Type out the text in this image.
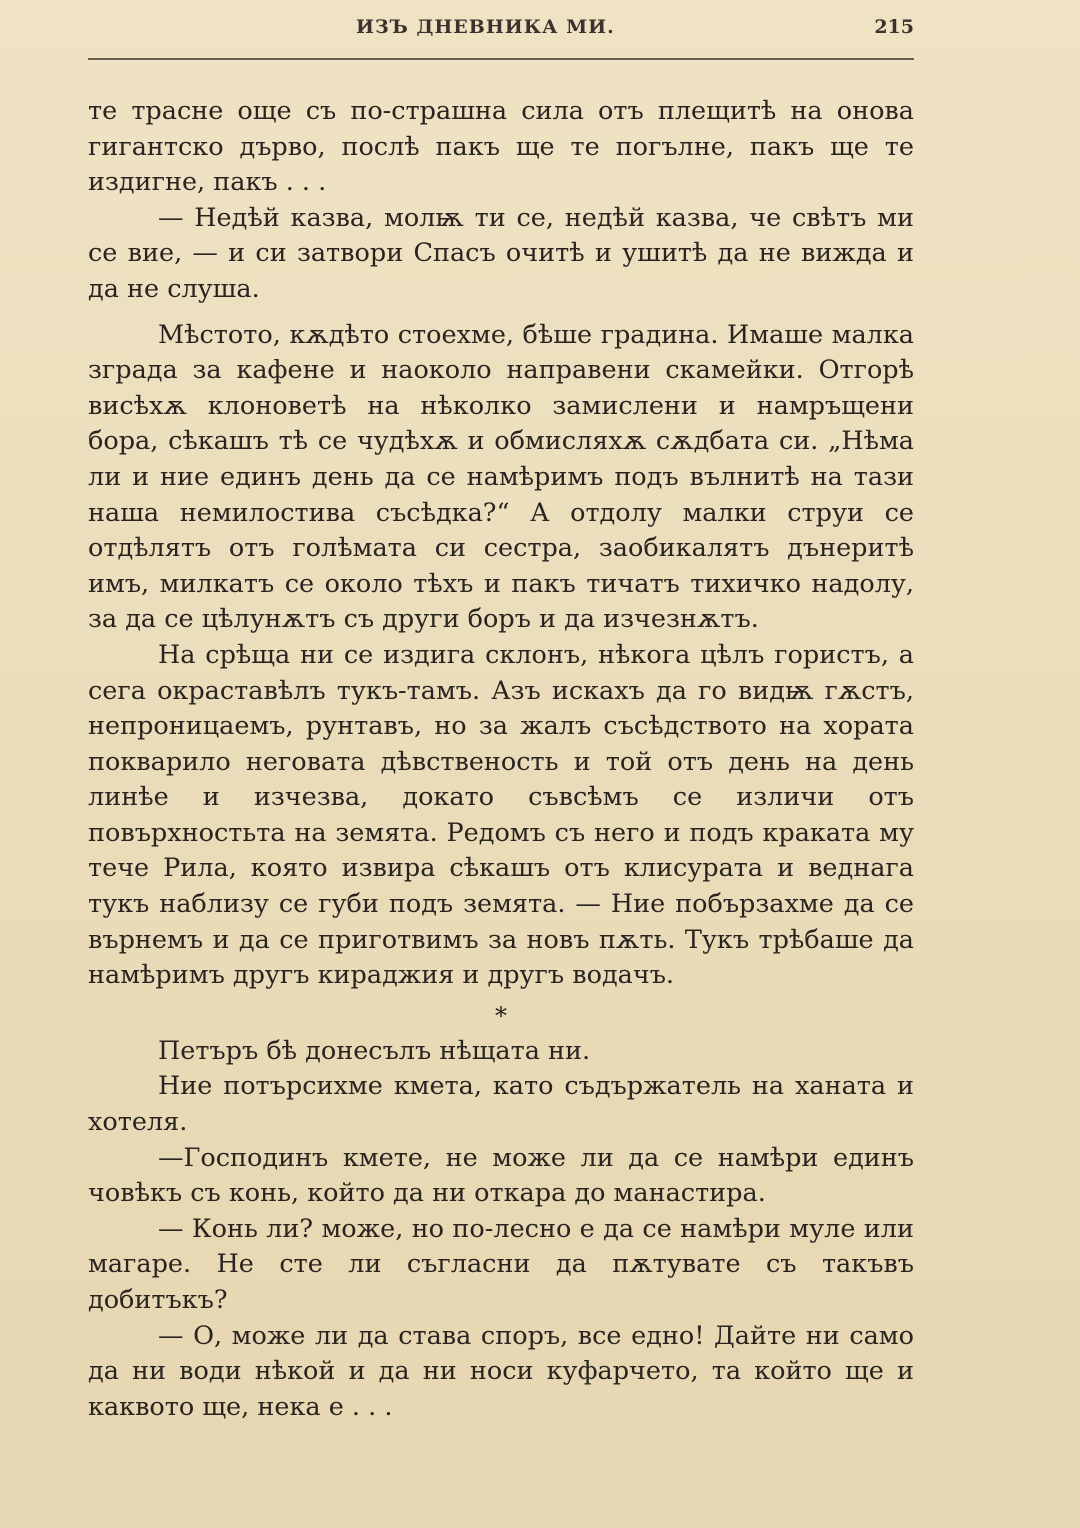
ИЗЪ ДНЕВНИКА МИ.	215

те трасне още съ по-страшна сила отъ плещитѣ на онова гигантско дърво, послѣ пакъ ще те погълне, пакъ ще те издигне, пакъ . . .

— Недѣй казва, молѭ ти се, недѣй казва, че свѣтъ ми се вие, — и си затвори Спасъ очитѣ и ушитѣ да не вижда и да не слуша.

Мѣстото, кѫдѣто стоехме, бѣше градина. Имаше малка зграда за кафене и наоколо направени скамейки. Отгорѣ висѣхѫ клоноветѣ на нѣколко замислени и намръщени бора, сѣкашъ тѣ се чудѣхѫ и обмисляхѫ сѫдбата си. „Нѣма ли и ние единъ день да се намѣримъ подъ вълнитѣ на тази наша немилостива съсѣдка?“ А отдолу малки струи се отдѣлятъ отъ голѣмата си сестра, заобикалятъ дънеритѣ имъ, милкатъ се около тѣхъ и пакъ тичатъ тихичко надолу, за да се цѣлунѫтъ съ други боръ и да изчезнѫтъ.

На срѣща ни се издига склонъ, нѣкога цѣлъ гористъ, а сега окраставѣлъ тукъ-тамъ. Азъ искахъ да го видѭ гѫстъ, непроницаемъ, рунтавъ, но за жалъ съсѣдството на хората покварило неговата дѣвственость и той отъ день на день линѣе и изчезва, докато съвсѣмъ се изличи отъ повърхностьта на земята. Редомъ съ него и подъ краката му тече Рила, която извира сѣкашъ отъ клисурата и веднага тукъ наблизу се губи подъ земята. — Ние побързахме да се върнемъ и да се приготвимъ за новъ пѫть. Тукъ трѣбаше да намѣримъ другъ кираджия и другъ водачъ.

*

Петъръ бѣ донесълъ нѣщата ни.

Ние потърсихме кмета, като съдържатель на ханата и хотеля.

—Господинъ кмете, не може ли да се намѣри единъ човѣкъ съ конь, който да ни откара до манастира.

— Конь ли? може, но по-лесно е да се намѣри муле или магаре. Не сте ли съгласни да пѫтувате съ такъвъ добитъкъ?

— О, може ли да става споръ, все едно! Дайте ни само да ни води нѣкой и да ни носи куфарчето, та който ще и каквото ще, нека е . . .
